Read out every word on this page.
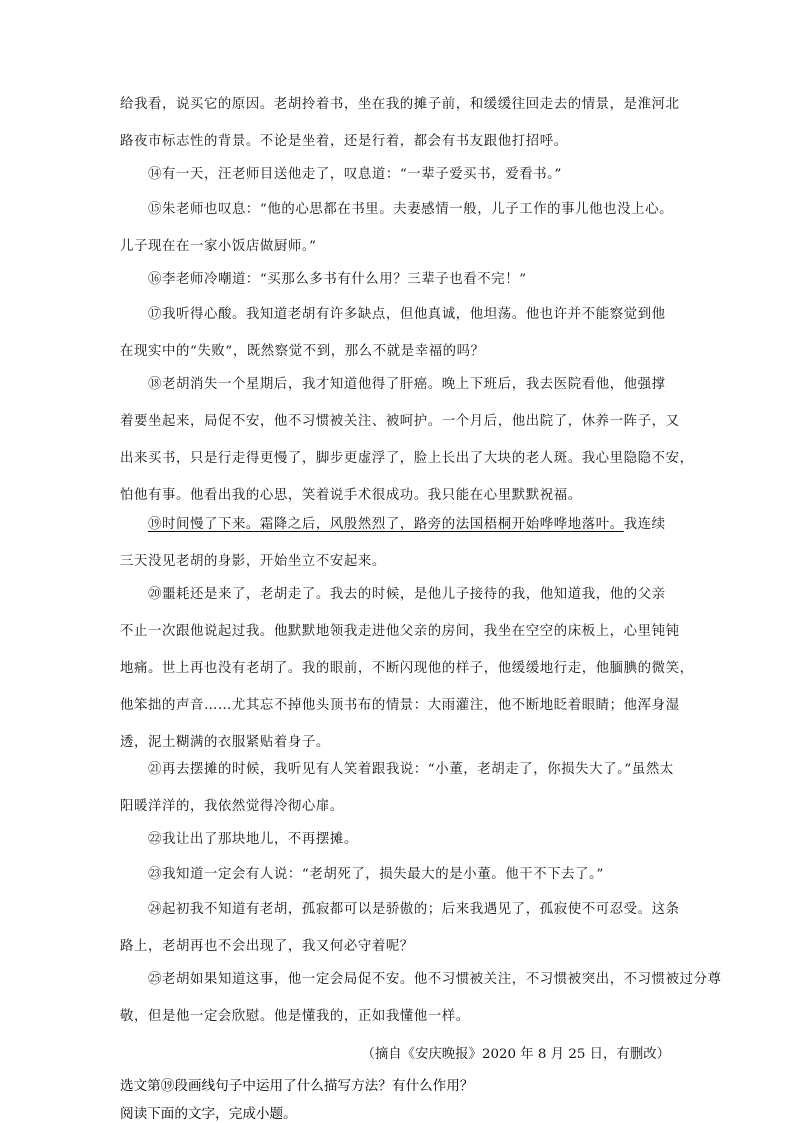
给我看，说买它的原因。老胡拎着书，坐在我的摊子前，和缓缓往回走去的情景，是淮河北
路夜市标志性的背景。不论是坐着，还是行着，都会有书友跟他打招呼。
⑭有一天，汪老师目送他走了，叹息道：“一辈子爱买书，爱看书。”
⑮朱老师也叹息：“他的心思都在书里。夫妻感情一般，儿子工作的事儿他也没上心。
儿子现在在一家小饭店做厨师。”
⑯李老师冷嘲道：“买那么多书有什么用？三辈子也看不完！”
⑰我听得心酸。我知道老胡有许多缺点，但他真诚，他坦荡。他也许并不能察觉到他
在现实中的“失败”，既然察觉不到，那么不就是幸福的吗？
⑱老胡消失一个星期后，我才知道他得了肝癌。晚上下班后，我去医院看他，他强撑
着要坐起来，局促不安，他不习惯被关注、被呵护。一个月后，他出院了，休养一阵子，又
出来买书，只是行走得更慢了，脚步更虚浮了，脸上长出了大块的老人斑。我心里隐隐不安，
怕他有事。他看出我的心思，笑着说手术很成功。我只能在心里默默祝福。
⑲时间慢了下来。霜降之后，风殷然烈了，路旁的法国梧桐开始哗哗地落叶。我连续
三天没见老胡的身影，开始坐立不安起来。
⑳噩耗还是来了，老胡走了。我去的时候，是他儿子接待的我，他知道我，他的父亲
不止一次跟他说起过我。他默默地领我走进他父亲的房间，我坐在空空的床板上，心里钝钝
地痛。世上再也没有老胡了。我的眼前，不断闪现他的样子，他缓缓地行走，他腼腆的微笑，
他笨拙的声音……尤其忘不掉他头顶书布的情景：大雨灌注，他不断地眨着眼睛；他浑身湿
透，泥土糊满的衣服紧贴着身子。
㉑再去摆摊的时候，我听见有人笑着跟我说：“小董，老胡走了，你损失大了。”虽然太
阳暖洋洋的，我依然觉得冷彻心扉。
㉒我让出了那块地儿，不再摆摊。
㉓我知道一定会有人说：“老胡死了，损失最大的是小董。他干不下去了。”
㉔起初我不知道有老胡，孤寂都可以是骄傲的；后来我遇见了，孤寂使不可忍受。这条
路上，老胡再也不会出现了，我又何必守着呢？
㉕老胡如果知道这事，他一定会局促不安。他不习惯被关注，不习惯被突出，不习惯被过分尊
敬，但是他一定会欣慰。他是懂我的，正如我懂他一样。
（摘自《安庆晚报》2020 年 8 月 25 日，有删改）
选文第⑲段画线句子中运用了什么描写方法？有什么作用？
阅读下面的文字，完成小题。
